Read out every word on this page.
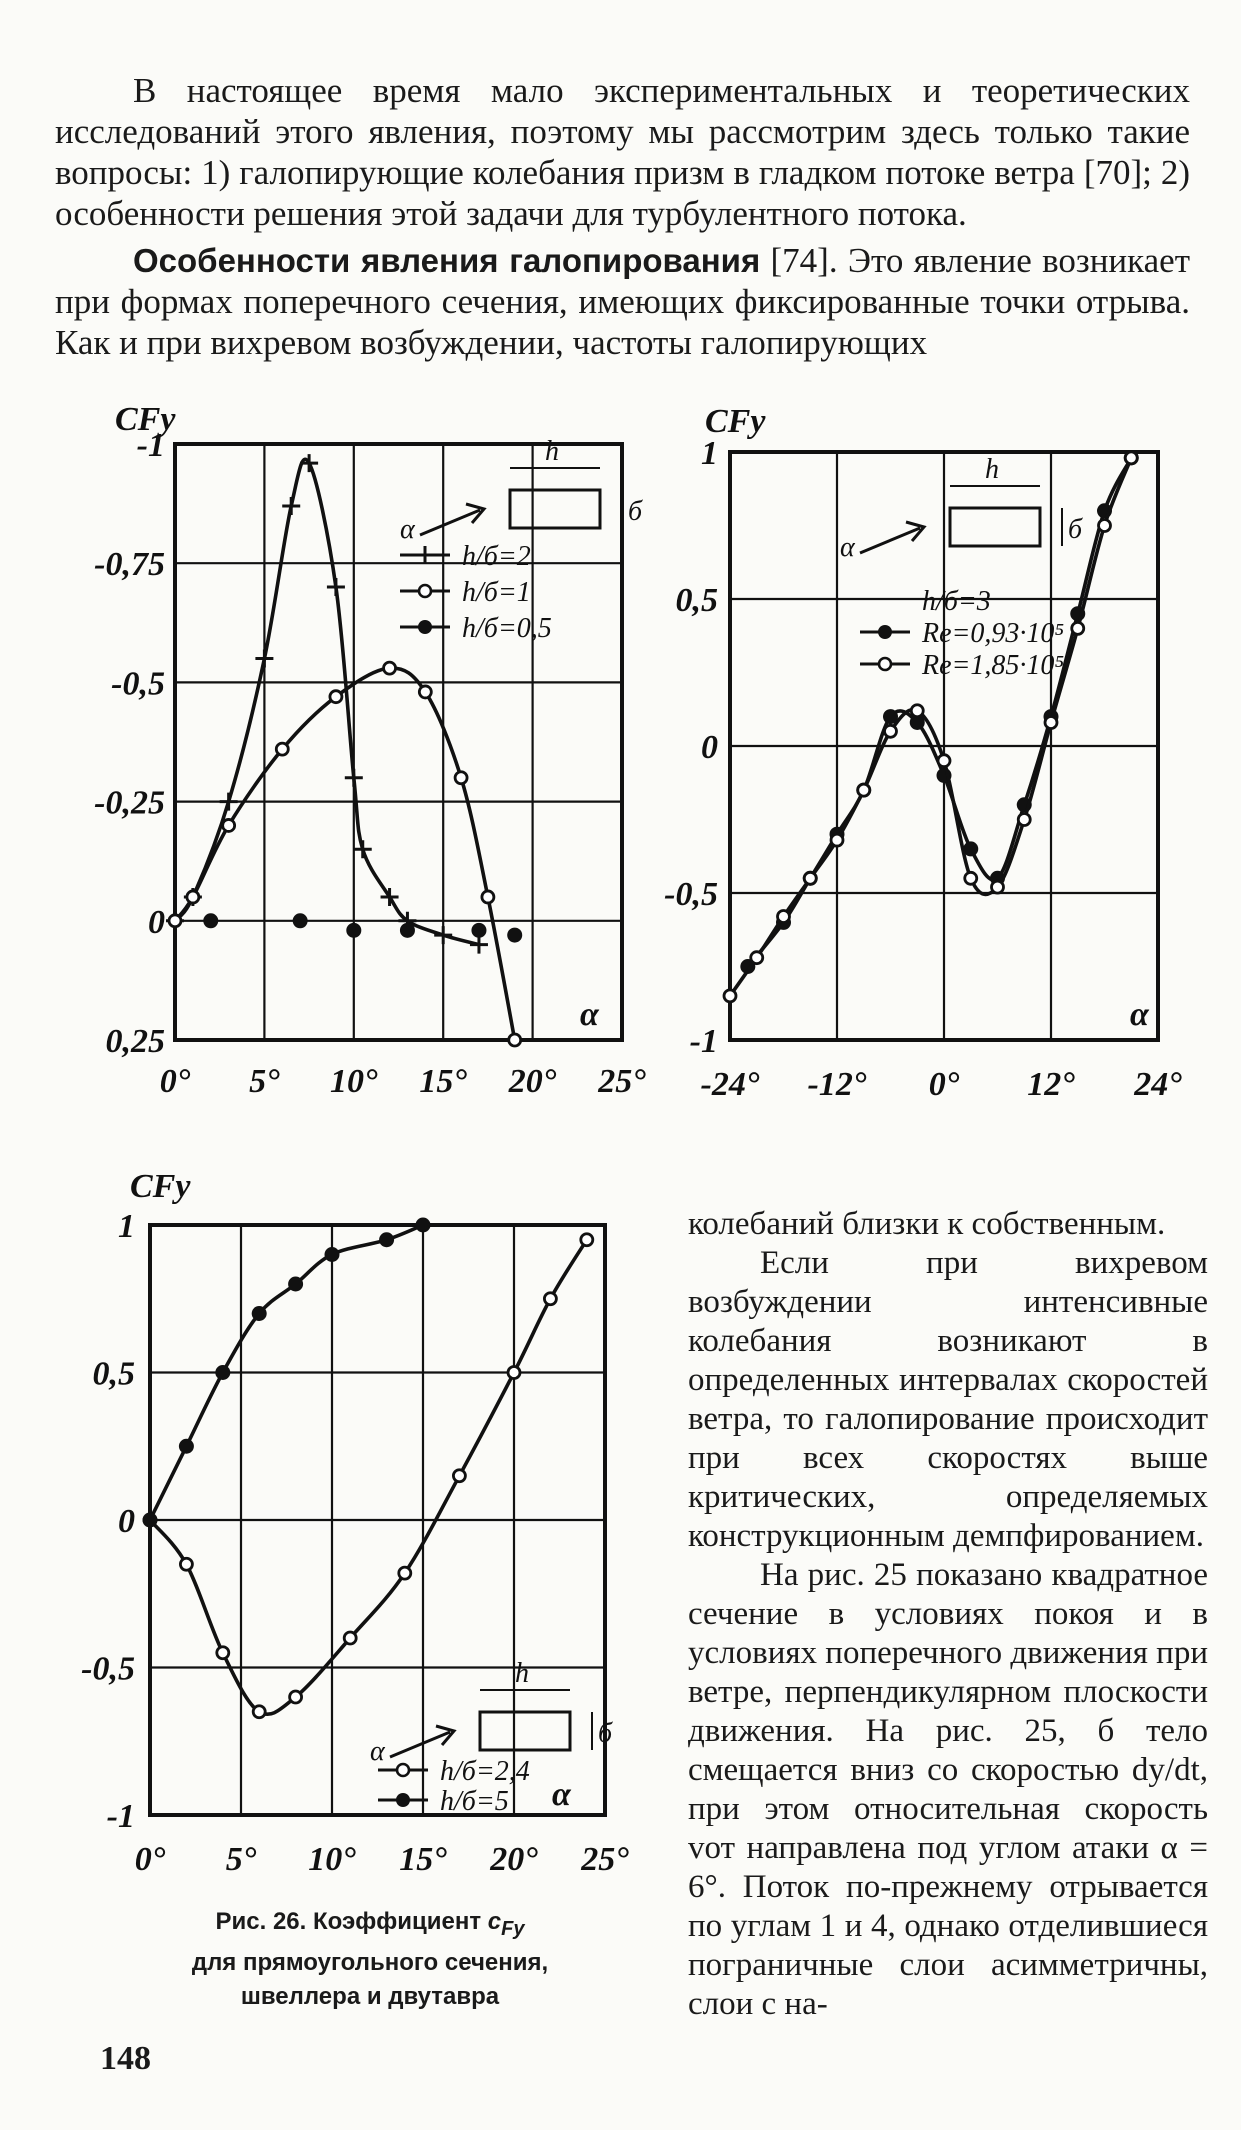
В настоящее время мало экспериментальных и теоретических исследований этого явления, поэтому мы рассмотрим здесь только такие вопросы: 1) галопирующие колебания призм в гладком потоке ветра [70]; 2) особенности решения этой задачи для турбулентного потока.

Особенности явления галопирования [74]. Это явление возникает при формах поперечного сечения, имеющих фиксированные точки отрыва. Как и при вихревом возбуждении, частоты галопирующих

CFy
-1
-0,75
-0,5
-0,25
0
0,25
0° 5° 10° 15° 20° 25°
α
h/б=2
h/б=1
h/б=0,5
h
б
α
CFy
1
0,5
0
-0,5
-1
-24° -12° 0° 12° 24°
α
h/б=3
Re=0,93·10⁵
Re=1,85·10⁵
h
б
α
CFy
1
0,5
0
-0,5
-1
0° 5° 10° 15° 20° 25°
α
h/б=2,4
h/б=5
h
б
α

колебаний близки к собственным.

Если при вихревом возбуждении интенсивные колебания возникают в определенных интервалах скоростей ветра, то галопирование происходит при всех скоростях выше критических, определяемых конструкционным демпфированием.

На рис. 25 показано квадратное сечение в условиях покоя и в условиях поперечного движения при ветре, перпендикулярном плоскости движения. На рис. 25, б тело смещается вниз со скоростью dy/dt, при этом относительная скорость vот направлена под углом атаки α = 6°. Поток по-прежнему отрывается по углам 1 и 4, однако отделившиеся пограничные слои асимметричны, слои с на-

Рис. 26. Коэффициент $c_{Fy}$
для прямоугольного сечения, швеллера и двутавра
148
